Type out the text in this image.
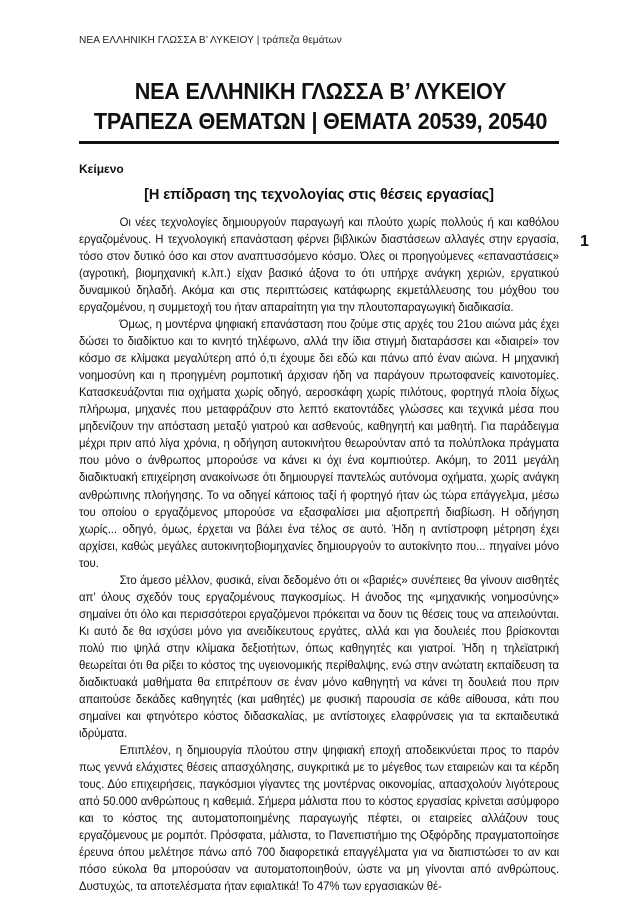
ΝΕΑ ΕΛΛΗΝΙΚΗ ΓΛΩΣΣΑ Β’ ΛΥΚΕΙΟΥ | τράπεζα θεμάτων
ΝΕΑ ΕΛΛΗΝΙΚΗ ΓΛΩΣΣΑ Β’ ΛΥΚΕΙΟΥ
ΤΡΑΠΕΖΑ ΘΕΜΑΤΩΝ | ΘΕΜΑΤΑ 20539, 20540
Κείμενο
[Η επίδραση της τεχνολογίας στις θέσεις εργασίας]
1

Οι νέες τεχνολογίες δημιουργούν παραγωγή και πλούτο χωρίς πολλούς ή και καθόλου εργαζομένους. Η τεχνολογική επανάσταση φέρνει βιβλικών διαστάσεων αλλαγές στην εργασία, τόσο στον δυτικό όσο και στον αναπτυσσόμενο κόσμο. Όλες οι προηγούμενες «επαναστάσεις» (αγροτική, βιομηχανική κ.λπ.) είχαν βασικό άξονα το ότι υπήρχε ανάγκη χεριών, εργατικού δυναμικού δηλαδή. Ακόμα και στις περιπτώσεις κατάφωρης εκμετάλλευσης του μόχθου του εργαζομένου, η συμμετοχή του ήταν απαραίτητη για την πλουτοπαραγωγική διαδικασία.

Όμως, η μοντέρνα ψηφιακή επανάσταση που ζούμε στις αρχές του 21ου αιώνα μάς έχει δώσει το διαδίκτυο και το κινητό τηλέφωνο, αλλά την ίδια στιγμή διαταράσσει και «διαιρεί» τον κόσμο σε κλίμακα μεγαλύτερη από ό,τι έχουμε δει εδώ και πάνω από έναν αιώνα. Η μηχανική νοημοσύνη και η προηγμένη ρομποτική άρχισαν ήδη να παράγουν πρωτοφανείς καινοτομίες. Κατασκευάζονται πια οχήματα χωρίς οδηγό, αεροσκάφη χωρίς πιλότους, φορτηγά πλοία δίχως πλήρωμα, μηχανές που μεταφράζουν στο λεπτό εκατοντάδες γλώσσες και τεχνικά μέσα που μηδενίζουν την απόσταση μεταξύ γιατρού και ασθενούς, καθηγητή και μαθητή. Για παράδειγμα μέχρι πριν από λίγα χρόνια, η οδήγηση αυτοκινήτου θεωρούνταν από τα πολύπλοκα πράγματα που μόνο ο άνθρωπος μπορούσε να κάνει κι όχι ένα κομπιούτερ. Ακόμη, το 2011 μεγάλη διαδικτυακή επιχείρηση ανακοίνωσε ότι δημιουργεί παντελώς αυτόνομα οχήματα, χωρίς ανάγκη ανθρώπινης πλοήγησης. Το να οδηγεί κάποιος ταξί ή φορτηγό ήταν ώς τώρα επάγγελμα, μέσω του οποίου ο εργαζόμενος μπορούσε να εξασφαλίσει μια αξιοπρεπή διαβίωση. Η οδήγηση χωρίς... οδηγό, όμως, έρχεται να βάλει ένα τέλος σε αυτό. Ήδη η αντίστροφη μέτρηση έχει αρχίσει, καθώς μεγάλες αυτοκινητοβιομηχανίες δημιουργούν το αυτοκίνητο που... πηγαίνει μόνο του.

Στο άμεσο μέλλον, φυσικά, είναι δεδομένο ότι οι «βαριές» συνέπειες θα γίνουν αισθητές απ’ όλους σχεδόν τους εργαζομένους παγκοσμίως. Η άνοδος της «μηχανικής νοημοσύνης» σημαίνει ότι όλο και περισσότεροι εργαζόμενοι πρόκειται να δουν τις θέσεις τους να απειλούνται. Κι αυτό δε θα ισχύσει μόνο για ανειδίκευτους εργάτες, αλλά και για δουλειές που βρίσκονται πολύ πιο ψηλά στην κλίμακα δεξιοτήτων, όπως καθηγητές και γιατροί. Ήδη η τηλεϊατρική θεωρείται ότι θα ρίξει το κόστος της υγειονομικής περίθαλψης, ενώ στην ανώτατη εκπαίδευση τα διαδικτυακά μαθήματα θα επιτρέπουν σε έναν μόνο καθηγητή να κάνει τη δουλειά που πριν απαιτούσε δεκάδες καθηγητές (και μαθητές) με φυσική παρουσία σε κάθε αίθουσα, κάτι που σημαίνει και φτηνότερο κόστος διδασκαλίας, με αντίστοιχες ελαφρύνσεις για τα εκπαιδευτικά ιδρύματα.

Επιπλέον, η δημιουργία πλούτου στην ψηφιακή εποχή αποδεικνύεται προς το παρόν πως γεννά ελάχιστες θέσεις απασχόλησης, συγκριτικά με το μέγεθος των εταιρειών και τα κέρδη τους. Δύο επιχειρήσεις, παγκόσμιοι γίγαντες της μοντέρνας οικονομίας, απασχολούν λιγότερους από 50.000 ανθρώπους η καθεμιά. Σήμερα μάλιστα που το κόστος εργασίας κρίνεται ασύμφορο και το κόστος της αυτοματοποιημένης παραγωγής πέφτει, οι εταιρείες αλλάζουν τους εργαζόμενους με ρομπότ. Πρόσφατα, μάλιστα, το Πανεπιστήμιο της Οξφόρδης πραγματοποίησε έρευνα όπου μελέτησε πάνω από 700 διαφορετικά επαγγέλματα για να διαπιστώσει το αν και πόσο εύκολα θα μπορούσαν να αυτοματοποιηθούν, ώστε να μη γίνονται από ανθρώπους. Δυστυχώς, τα αποτελέσματα ήταν εφιαλτικά! Το 47% των εργασιακών θέ-
